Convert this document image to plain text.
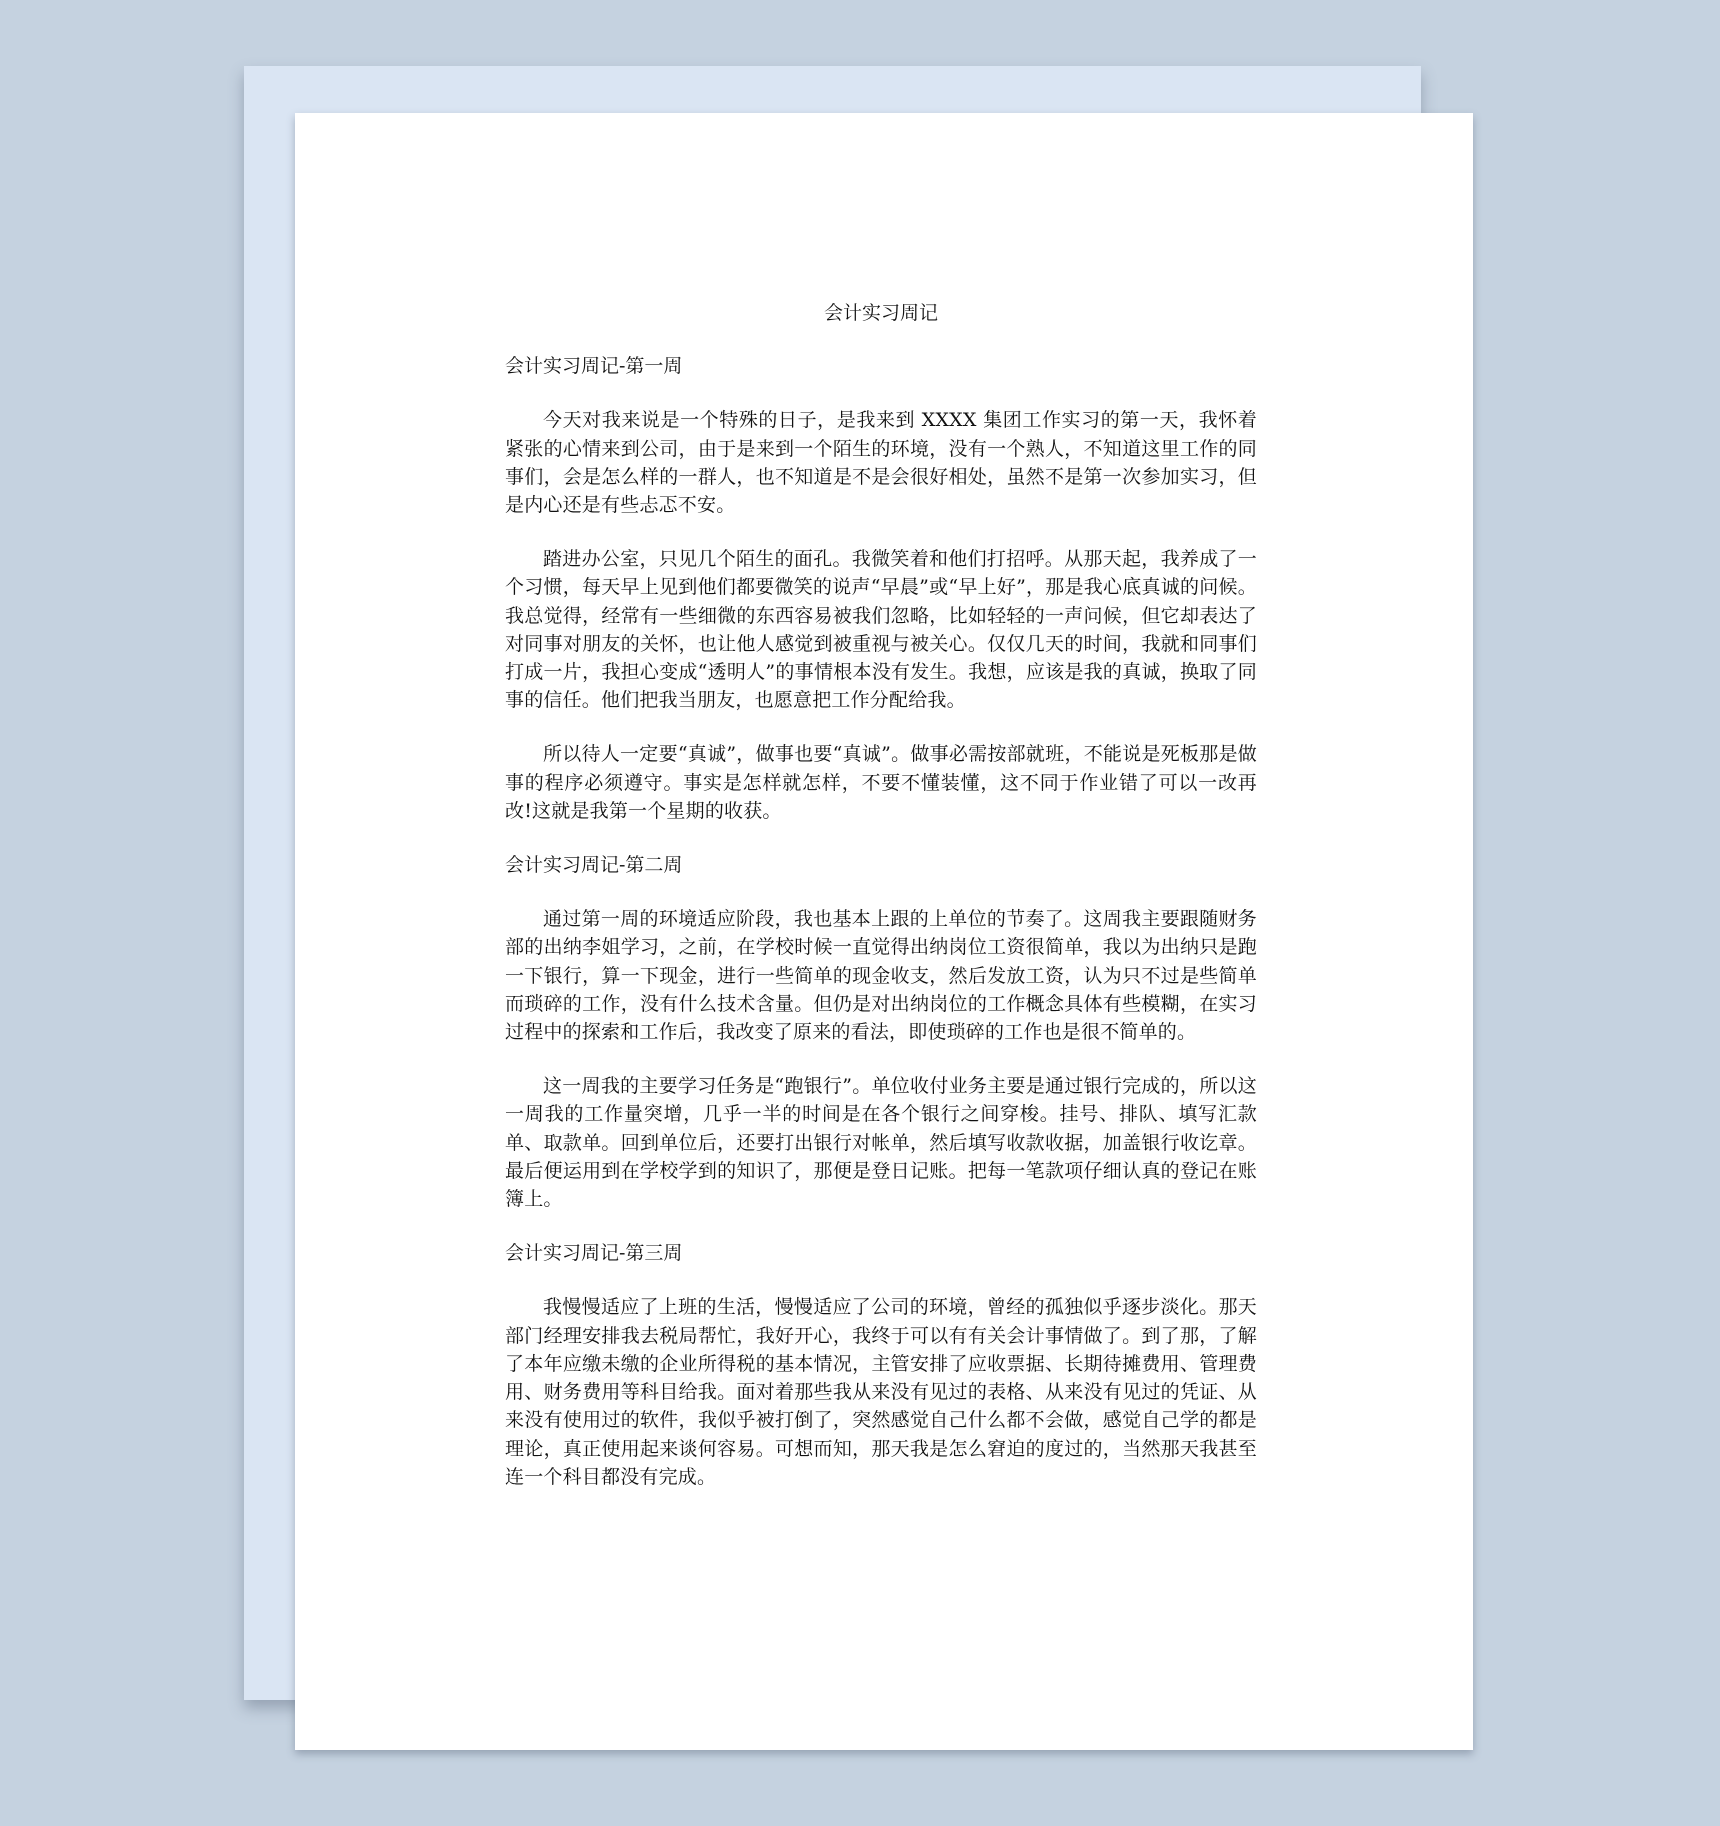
会计实习周记
会计实习周记-第一周

今天对我来说是一个特殊的日子，是我来到 XXXX 集团工作实习的第一天，我怀着紧张的心情来到公司，由于是来到一个陌生的环境，没有一个熟人，不知道这里工作的同事们，会是怎么样的一群人，也不知道是不是会很好相处，虽然不是第一次参加实习，但是内心还是有些忐忑不安。

踏进办公室，只见几个陌生的面孔。我微笑着和他们打招呼。从那天起，我养成了一个习惯，每天早上见到他们都要微笑的说声“早晨”或“早上好”，那是我心底真诚的问候。我总觉得，经常有一些细微的东西容易被我们忽略，比如轻轻的一声问候，但它却表达了对同事对朋友的关怀，也让他人感觉到被重视与被关心。仅仅几天的时间，我就和同事们打成一片，我担心变成“透明人”的事情根本没有发生。我想，应该是我的真诚，换取了同事的信任。他们把我当朋友，也愿意把工作分配给我。

所以待人一定要“真诚”，做事也要“真诚”。做事必需按部就班，不能说是死板那是做事的程序必须遵守。事实是怎样就怎样，不要不懂装懂，这不同于作业错了可以一改再改!这就是我第一个星期的收获。

会计实习周记-第二周

通过第一周的环境适应阶段，我也基本上跟的上单位的节奏了。这周我主要跟随财务部的出纳李姐学习，之前，在学校时候一直觉得出纳岗位工资很简单，我以为出纳只是跑一下银行，算一下现金，进行一些简单的现金收支，然后发放工资，认为只不过是些简单而琐碎的工作，没有什么技术含量。但仍是对出纳岗位的工作概念具体有些模糊，在实习过程中的探索和工作后，我改变了原来的看法，即使琐碎的工作也是很不简单的。

这一周我的主要学习任务是“跑银行”。单位收付业务主要是通过银行完成的，所以这一周我的工作量突增，几乎一半的时间是在各个银行之间穿梭。挂号、排队、填写汇款单、取款单。回到单位后，还要打出银行对帐单，然后填写收款收据，加盖银行收讫章。最后便运用到在学校学到的知识了，那便是登日记账。把每一笔款项仔细认真的登记在账簿上。

会计实习周记-第三周

我慢慢适应了上班的生活，慢慢适应了公司的环境，曾经的孤独似乎逐步淡化。那天部门经理安排我去税局帮忙，我好开心，我终于可以有有关会计事情做了。到了那，了解了本年应缴未缴的企业所得税的基本情况，主管安排了应收票据、长期待摊费用、管理费用、财务费用等科目给我。面对着那些我从来没有见过的表格、从来没有见过的凭证、从来没有使用过的软件，我似乎被打倒了，突然感觉自己什么都不会做，感觉自己学的都是理论，真正使用起来谈何容易。可想而知，那天我是怎么窘迫的度过的，当然那天我甚至连一个科目都没有完成。
